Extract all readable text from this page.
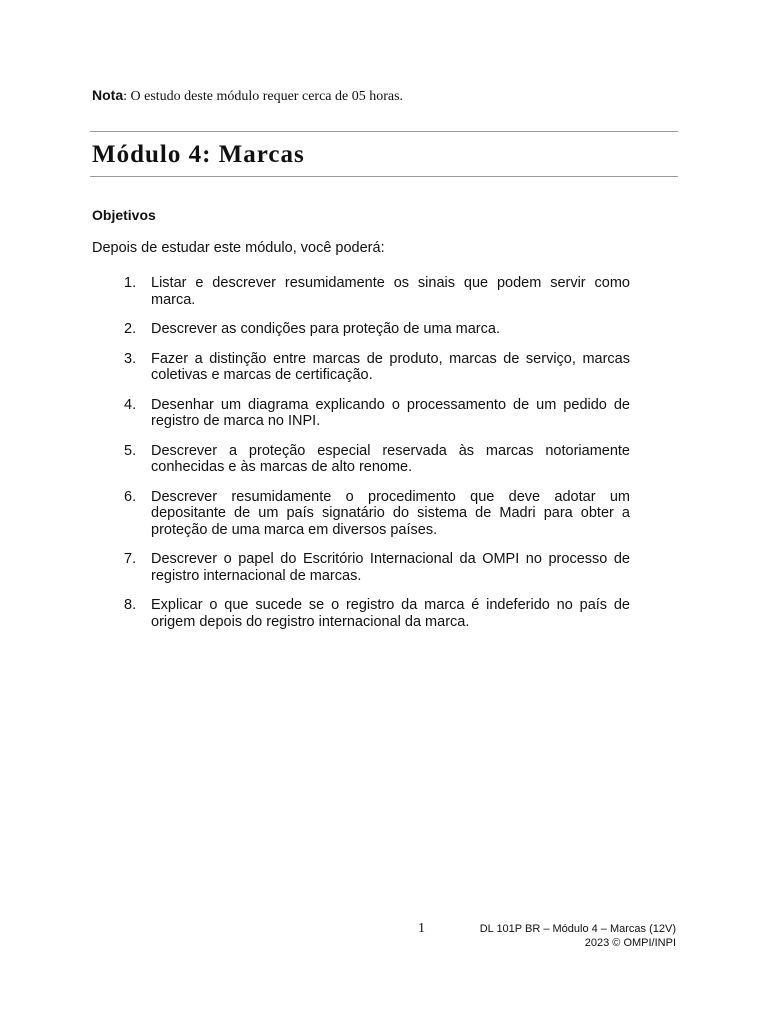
Nota: O estudo deste módulo requer cerca de 05 horas.
Módulo 4: Marcas
Objetivos

Depois de estudar este módulo, você poderá:

1.	Listar e descrever resumidamente os sinais que podem servir como marca.
2.	Descrever as condições para proteção de uma marca.
3.	Fazer a distinção entre marcas de produto, marcas de serviço, marcas coletivas e marcas de certificação.
4.	Desenhar um diagrama explicando o processamento de um pedido de registro de marca no INPI.
5.	Descrever a proteção especial reservada às marcas notoriamente conhecidas e às marcas de alto renome.
6.	Descrever resumidamente o procedimento que deve adotar um depositante de um país signatário do sistema de Madri para obter a proteção de uma marca em diversos países.
7.	Descrever o papel do Escritório Internacional da OMPI no processo de registro internacional de marcas.
8.	Explicar o que sucede se o registro da marca é indeferido no país de origem depois do registro internacional da marca.
1	DL 101P BR – Módulo 4 – Marcas (12V)
2023 © OMPI/INPI
